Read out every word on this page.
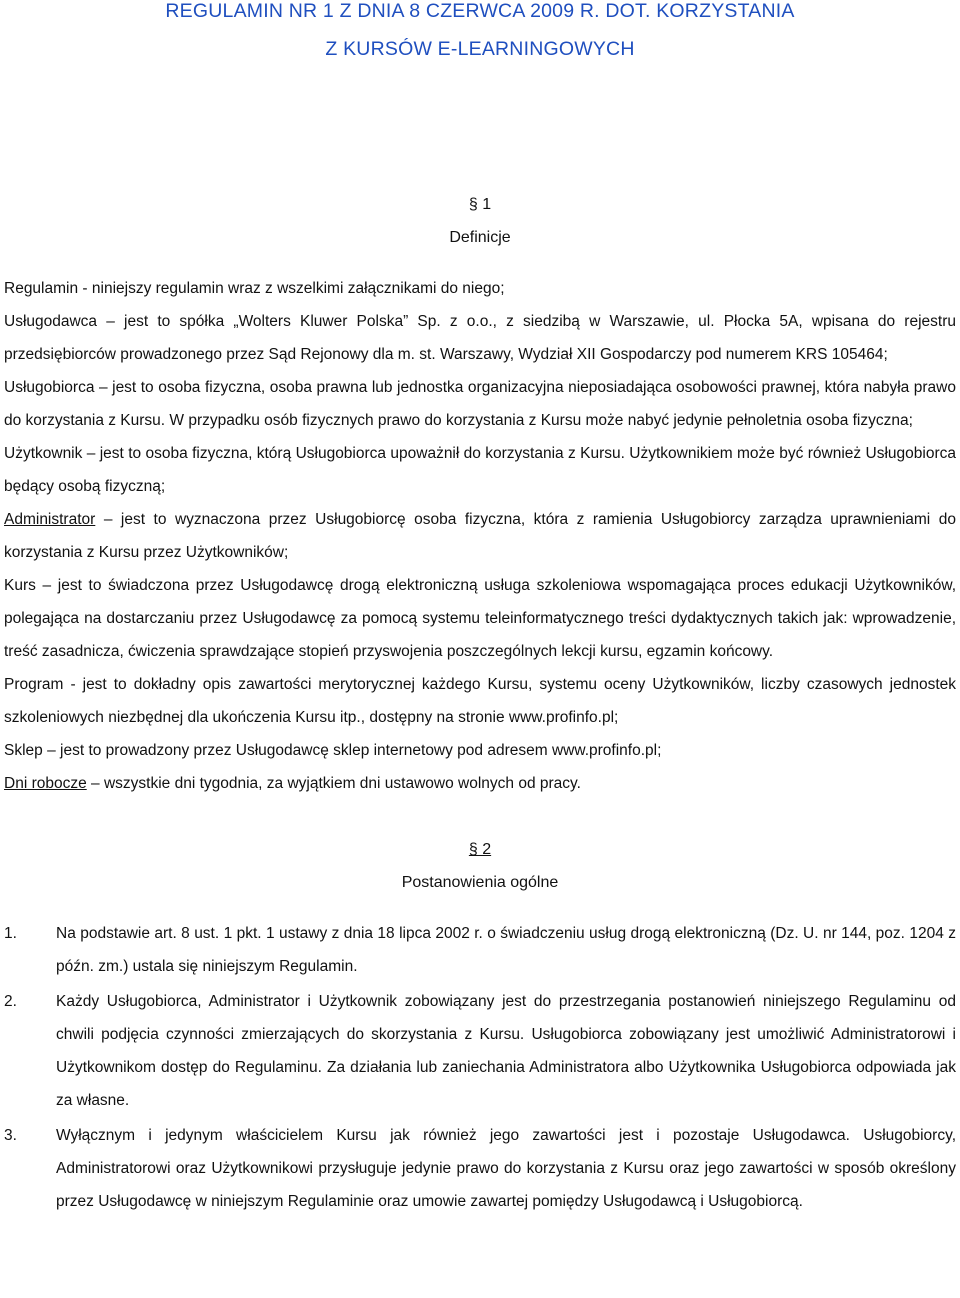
REGULAMIN NR 1 Z DNIA 8 CZERWCA 2009 R. DOT. KORZYSTANIA
Z KURSÓW E-LEARNINGOWYCH
§ 1
Definicje

Regulamin - niniejszy regulamin wraz z wszelkimi załącznikami do niego;

Usługodawca – jest to spółka „Wolters Kluwer Polska” Sp. z o.o., z siedzibą w Warszawie, ul. Płocka 5A, wpisana do rejestru przedsiębiorców prowadzonego przez Sąd Rejonowy dla m. st. Warszawy, Wydział XII Gospodarczy pod numerem KRS 105464;

Usługobiorca – jest to osoba fizyczna, osoba prawna lub jednostka organizacyjna nieposiadająca osobowości prawnej, która nabyła prawo do korzystania z Kursu. W przypadku osób fizycznych prawo do korzystania z Kursu może nabyć jedynie pełnoletnia osoba fizyczna;

Użytkownik – jest to osoba fizyczna, którą Usługobiorca upoważnił do korzystania z Kursu. Użytkownikiem może być również Usługobiorca będący osobą fizyczną;

Administrator – jest to wyznaczona przez Usługobiorcę osoba fizyczna, która z ramienia Usługobiorcy zarządza uprawnieniami do korzystania z Kursu przez Użytkowników;

Kurs – jest to świadczona przez Usługodawcę drogą elektroniczną usługa szkoleniowa wspomagająca proces edukacji Użytkowników, polegająca na dostarczaniu przez Usługodawcę za pomocą systemu teleinformatycznego treści dydaktycznych takich jak: wprowadzenie, treść zasadnicza, ćwiczenia sprawdzające stopień przyswojenia poszczególnych lekcji kursu, egzamin końcowy.

Program - jest to dokładny opis zawartości merytorycznej każdego Kursu, systemu oceny Użytkowników, liczby czasowych jednostek szkoleniowych niezbędnej dla ukończenia Kursu itp., dostępny na stronie www.profinfo.pl;

Sklep – jest to prowadzony przez Usługodawcę sklep internetowy pod adresem www.profinfo.pl;

Dni robocze – wszystkie dni tygodnia, za wyjątkiem dni ustawowo wolnych od pracy.

§ 2
Postanowienia ogólne
1.	Na podstawie art. 8 ust. 1 pkt. 1 ustawy z dnia 18 lipca 2002 r. o świadczeniu usług drogą elektroniczną (Dz. U. nr 144, poz. 1204 z późn. zm.) ustala się niniejszym Regulamin.
2.	Każdy Usługobiorca, Administrator i Użytkownik zobowiązany jest do przestrzegania postanowień niniejszego Regulaminu od chwili podjęcia czynności zmierzających do skorzystania z Kursu. Usługobiorca zobowiązany jest umożliwić Administratorowi i Użytkownikom dostęp do Regulaminu. Za działania lub zaniechania Administratora albo Użytkownika Usługobiorca odpowiada jak za własne.
3.	Wyłącznym i jedynym właścicielem Kursu jak również jego zawartości jest i pozostaje Usługodawca. Usługobiorcy, Administratorowi oraz Użytkownikowi przysługuje jedynie prawo do korzystania z Kursu oraz jego zawartości w sposób określony przez Usługodawcę w niniejszym Regulaminie oraz umowie zawartej pomiędzy Usługodawcą i Usługobiorcą.
